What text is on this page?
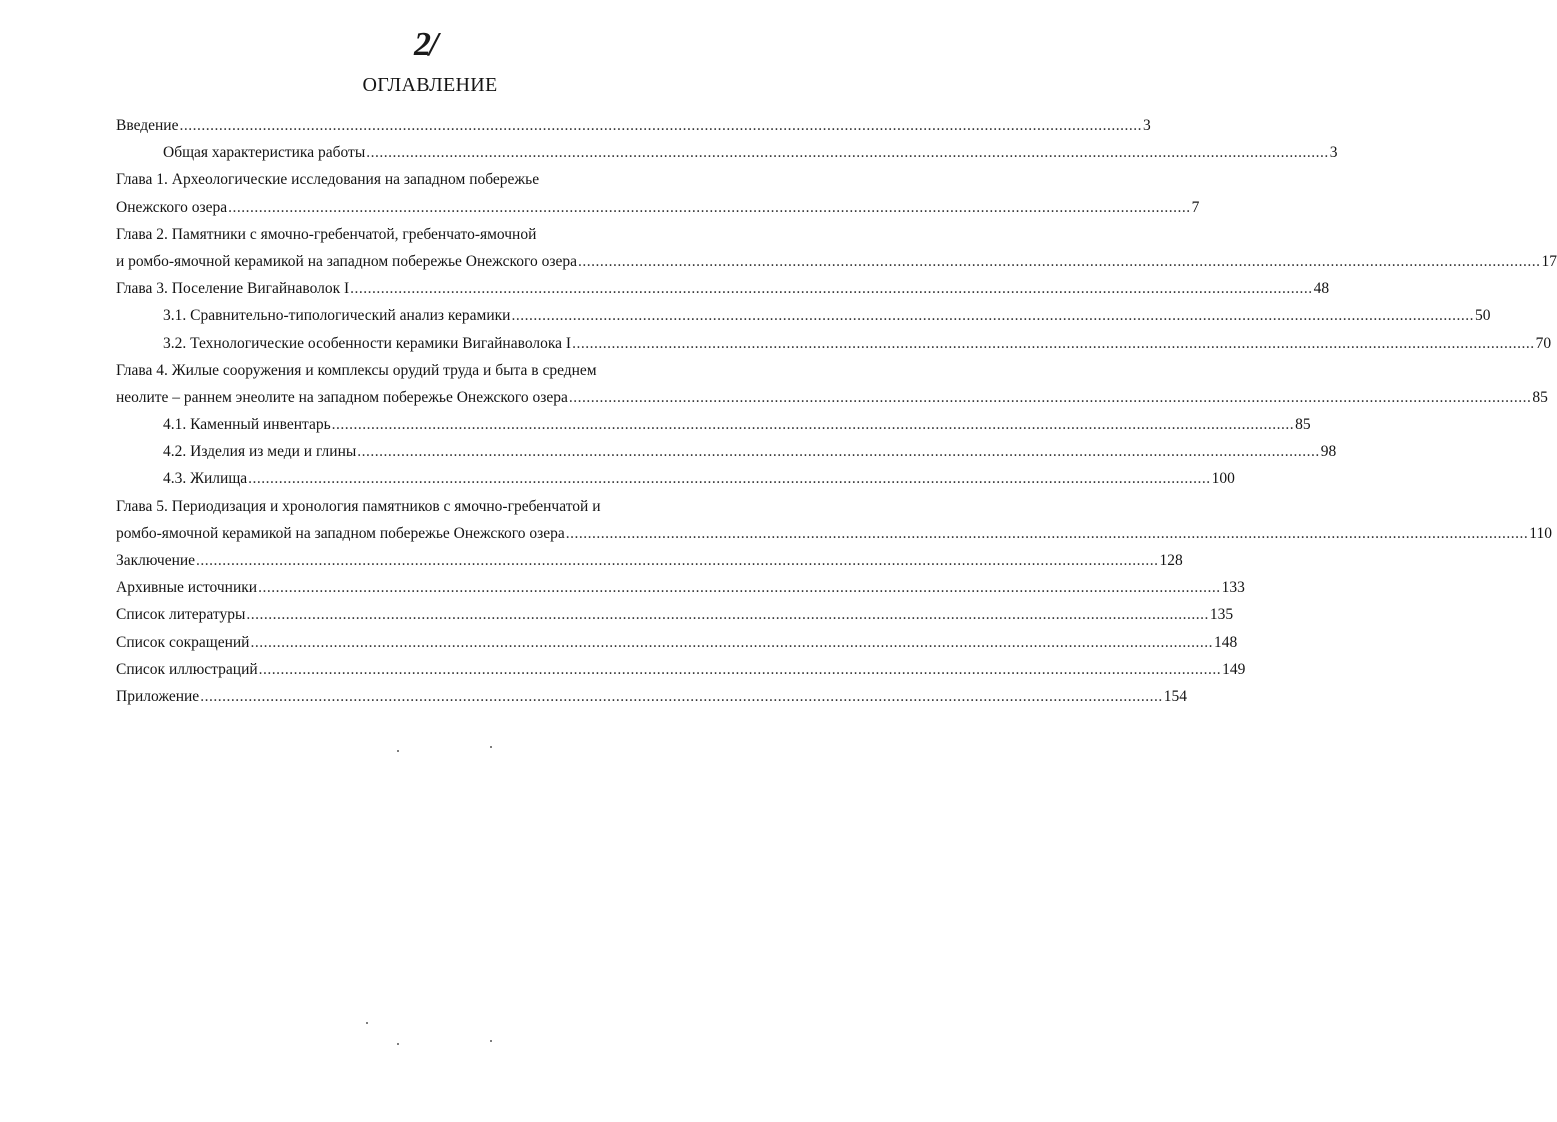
2/
ОГЛАВЛЕНИЕ
Введение ............................................................................................................................................................................................................................ 3
Общая характеристика работы ............................................................................................................................................................................................................................ 3
Глава 1. Археологические исследования на западном побережье
Онежского озера ............................................................................................................................................................................................................................ 7
Глава 2. Памятники с ямочно-гребенчатой, гребенчато-ямочной
и ромбо-ямочной керамикой на западном побережье Онежского озера ............................................................................................................................................................................................................................ 17
Глава 3. Поселение Вигайнаволок I ............................................................................................................................................................................................................................ 48
3.1. Сравнительно-типологический анализ керамики ............................................................................................................................................................................................................................ 50
3.2. Технологические особенности керамики Вигайнаволока I ............................................................................................................................................................................................................................ 70
Глава 4. Жилые сооружения и комплексы орудий труда и быта в среднем
неолите – раннем энеолите на западном побережье Онежского озера ............................................................................................................................................................................................................................ 85
4.1. Каменный инвентарь ............................................................................................................................................................................................................................ 85
4.2. Изделия из меди и глины ............................................................................................................................................................................................................................ 98
4.3. Жилища ............................................................................................................................................................................................................................ 100
Глава 5. Периодизация и хронология памятников с ямочно-гребенчатой и
ромбо-ямочной керамикой на западном побережье Онежского озера ............................................................................................................................................................................................................................ 110
Заключение ............................................................................................................................................................................................................................ 128
Архивные источники ............................................................................................................................................................................................................................ 133
Список литературы ............................................................................................................................................................................................................................ 135
Список сокращений ............................................................................................................................................................................................................................ 148
Список иллюстраций ............................................................................................................................................................................................................................ 149
Приложение ............................................................................................................................................................................................................................ 154
